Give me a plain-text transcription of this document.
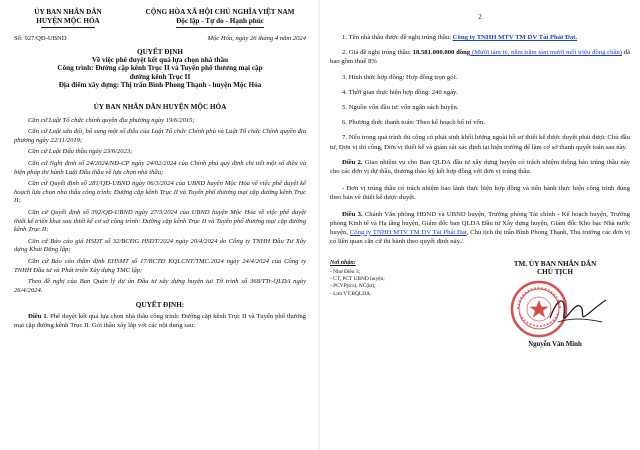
ỦY BAN NHÂN DÂN
HUYỆN MỘC HÓA
CỘNG HÒA XÃ HỘI CHỦ NGHĨA VIỆT NAM
Độc lập - Tự do - Hạnh phúc
Số: 927/QĐ-UBND	Mộc Hóa, ngày 26 tháng 4 năm 2024
QUYẾT ĐỊNH
Về việc phê duyệt kết quả lựa chọn nhà thầu
Công trình: Đường cặp kênh Trục II và Tuyến phố thương mại cặp
đường kênh Trục II
Địa điểm xây dựng: Thị trấn Bình Phong Thạnh - huyện Mộc Hóa
ỦY BAN NHÂN DÂN HUYỆN MỘC HÓA

Căn cứ Luật Tổ chức chính quyền địa phương ngày 19/6/2015;

Căn cứ Luật sửa đổi, bổ sung một số điều của Luật Tổ chức Chính phủ và Luật Tổ chức Chính quyền địa phương ngày 22/11/2019;

Căn cứ Luật Đấu thầu ngày 23/6/2023;

Căn cứ Nghị định số 24/2024/NĐ-CP ngày 24/02/2024 của Chính phủ quy định chi tiết một số điều và biện pháp thi hành Luật Đấu thầu về lựa chọn nhà thầu;

Căn cứ Quyết định số 281/QĐ-UBND ngày 06/3/2024 của UBND huyện Mộc Hóa về việc phê duyệt kế hoạch lựa chọn nhà thầu công trình: Đường cặp kênh Trục II và Tuyến phố thương mại cặp đường kênh Trục II;

Căn cứ Quyết định số 392/QĐ-UBND ngày 27/3/2024 của UBND huyện Mộc Hóa về việc phê duyệt thiết kế triển khai sau thiết kế cơ sở công trình: Đường cặp kênh Trục II và Tuyến phố thương mại cặp đường kênh Trục II;

Căn cứ Báo cáo giá HSDT số 32/BCĐG HSDT/2024 ngày 20/4/2024 do Công ty TNHH Đầu Tư Xây dựng Khải Đăng lập;

Căn cứ Báo cáo thẩm định EHSMT số 17/BCTĐ KQLCNT/TMC.2024 ngày 24/4/2024 của Công ty TNHH Đầu tư và Phát triển Xây dựng TMC lập;

Theo đề nghị của Ban Quản lý dự án Đầu tư xây dựng huyện tại Tờ trình số 368/TTr-QLDA ngày 26/4/2024.

QUYẾT ĐỊNH:

Điều 1. Phê duyệt kết quả lựa chọn nhà thầu công trình: Đường cặp kênh Trục II và Tuyến phố thương mại cặp đường kênh Trục II. Gói thầu xây lắp với các nội dung sau:

2

1. Tên nhà thầu được đề nghị trúng thầu: Công ty TNHH MTV TM DV Tài Phát Đạt.

2. Giá đề nghị trúng thầu: 18.581.000.000 đồng (Mười tám tỷ, năm trăm tám mươi mốt triệu đồng chẵn) đã bao gồm thuế 8%

3. Hình thức hợp đồng: Hợp đồng trọn gói.

4. Thời gian thực hiện hợp đồng: 240 ngày.

5. Nguồn vốn đầu tư: vốn ngân sách huyện.

6. Phương thức thanh toán: Theo kế hoạch bố trí vốn.

7. Nếu trong quá trình thi công có phát sinh khối lượng ngoài hồ sơ thiết kế được duyệt phải được Chủ đầu tư, Đơn vị thi công, Đơn vị thiết kế và giám sát xác định tại hiện trường để làm cơ sở thanh quyết toán sau này.

Điều 2. Giao nhiệm vụ cho Ban QLDA đầu tư xây dựng huyện có trách nhiệm thông báo trúng thầu này cho các đơn vị dự thầu, thương thảo ký kết hợp đồng với đơn vị trúng thầu.

- Đơn vị trúng thầu có trách nhiệm bảo lãnh thực hiện hợp đồng và tiến hành thực hiện công trình đúng theo bản vẽ thiết kế được duyệt.

Điều 3. Chánh Văn phòng HĐND và UBND huyện, Trưởng phòng Tài chính - Kế hoạch huyện, Trưởng phòng Kinh tế và Hạ tầng huyện, Giám đốc ban QLDA Đầu tư Xây dựng huyện, Giám đốc Kho bạc Nhà nước huyện, Công ty TNHH MTV TM DV Tài Phát Đạt, Chủ tịch thị trấn Bình Phong Thạnh, Thủ trưởng các đơn vị có liên quan căn cứ thi hành theo quyết định này./.

Nơi nhận:
- Như Điều 3;
- CT, PCT UBND huyện;
- PCVP(tcs), NC(kt);
- Lưu VT,BQLDA.
TM. ỦY BAN NHÂN DÂN
CHỦ TỊCH
Nguyễn Văn Minh
